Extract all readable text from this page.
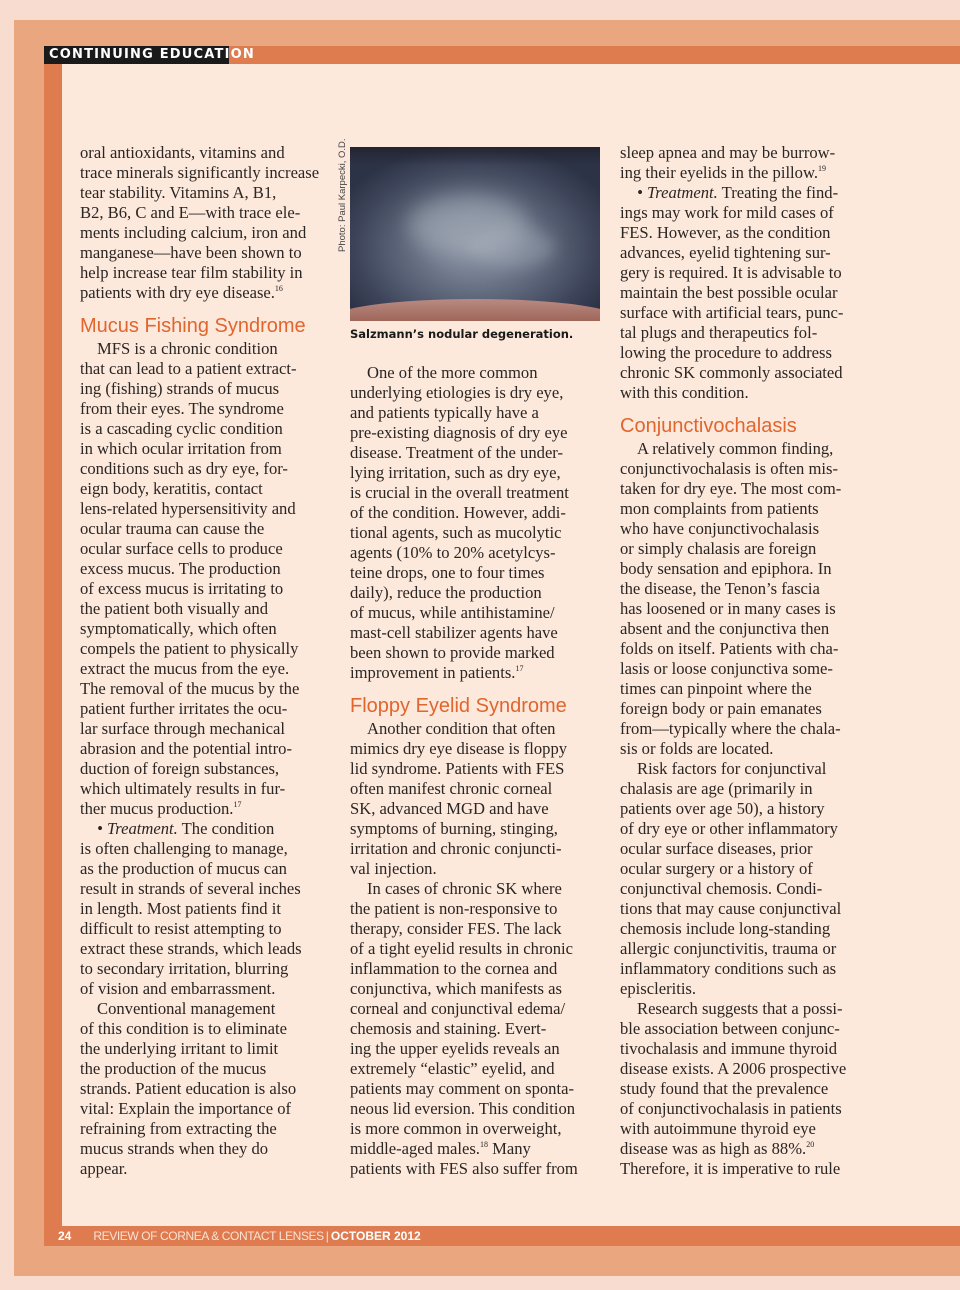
CONTINUING EDUCATION
oral antioxidants, vitamins and
trace minerals significantly increase
tear stability. Vitamins A, B1,
B2, B6, C and E—with trace ele-
ments including calcium, iron and
manganese—have been shown to
help increase tear film stability in
patients with dry eye disease.$^{16}$
Mucus Fishing Syndrome
MFS is a chronic condition
that can lead to a patient extract-
ing (fishing) strands of mucus
from their eyes. The syndrome
is a cascading cyclic condition
in which ocular irritation from
conditions such as dry eye, for-
eign body, keratitis, contact
lens-related hypersensitivity and
ocular trauma can cause the
ocular surface cells to produce
excess mucus. The production
of excess mucus is irritating to
the patient both visually and
symptomatically, which often
compels the patient to physically
extract the mucus from the eye.
The removal of the mucus by the
patient further irritates the ocu-
lar surface through mechanical
abrasion and the potential intro-
duction of foreign substances,
which ultimately results in fur-
ther mucus production.$^{17}$
• Treatment. The condition
is often challenging to manage,
as the production of mucus can
result in strands of several inches
in length. Most patients find it
difficult to resist attempting to
extract these strands, which leads
to secondary irritation, blurring
of vision and embarrassment.
Conventional management
of this condition is to eliminate
the underlying irritant to limit
the production of the mucus
strands. Patient education is also
vital: Explain the importance of
refraining from extracting the
mucus strands when they do
appear.
Photo: Paul Karpecki, O.D.
Salzmann’s nodular degeneration.
One of the more common
underlying etiologies is dry eye,
and patients typically have a
pre-existing diagnosis of dry eye
disease. Treatment of the under-
lying irritation, such as dry eye,
is crucial in the overall treatment
of the condition. However, addi-
tional agents, such as mucolytic
agents (10% to 20% acetylcys-
teine drops, one to four times
daily), reduce the production
of mucus, while antihistamine/
mast-cell stabilizer agents have
been shown to provide marked
improvement in patients.$^{17}$
Floppy Eyelid Syndrome
Another condition that often
mimics dry eye disease is floppy
lid syndrome. Patients with FES
often manifest chronic corneal
SK, advanced MGD and have
symptoms of burning, stinging,
irritation and chronic conjuncti-
val injection.
In cases of chronic SK where
the patient is non-responsive to
therapy, consider FES. The lack
of a tight eyelid results in chronic
inflammation to the cornea and
conjunctiva, which manifests as
corneal and conjunctival edema/
chemosis and staining. Evert-
ing the upper eyelids reveals an
extremely “elastic” eyelid, and
patients may comment on sponta-
neous lid eversion. This condition
is more common in overweight,
middle-aged males.$^{18}$ Many
patients with FES also suffer from
sleep apnea and may be burrow-
ing their eyelids in the pillow.$^{19}$
• Treatment. Treating the find-
ings may work for mild cases of
FES. However, as the condition
advances, eyelid tightening sur-
gery is required. It is advisable to
maintain the best possible ocular
surface with artificial tears, punc-
tal plugs and therapeutics fol-
lowing the procedure to address
chronic SK commonly associated
with this condition.
Conjunctivochalasis
A relatively common finding,
conjunctivochalasis is often mis-
taken for dry eye. The most com-
mon complaints from patients
who have conjunctivochalasis
or simply chalasis are foreign
body sensation and epiphora. In
the disease, the Tenon’s fascia
has loosened or in many cases is
absent and the conjunctiva then
folds on itself. Patients with cha-
lasis or loose conjunctiva some-
times can pinpoint where the
foreign body or pain emanates
from—typically where the chala-
sis or folds are located.
Risk factors for conjunctival
chalasis are age (primarily in
patients over age 50), a history
of dry eye or other inflammatory
ocular surface diseases, prior
ocular surgery or a history of
conjunctival chemosis. Condi-
tions that may cause conjunctival
chemosis include long-standing
allergic conjunctivitis, trauma or
inflammatory conditions such as
episcleritis.
Research suggests that a possi-
ble association between conjunc-
tivochalasis and immune thyroid
disease exists. A 2006 prospective
study found that the prevalence
of conjunctivochalasis in patients
with autoimmune thyroid eye
disease was as high as 88%.$^{20}$
Therefore, it is imperative to rule
24 REVIEW OF CORNEA & CONTACT LENSES | OCTOBER 2012
